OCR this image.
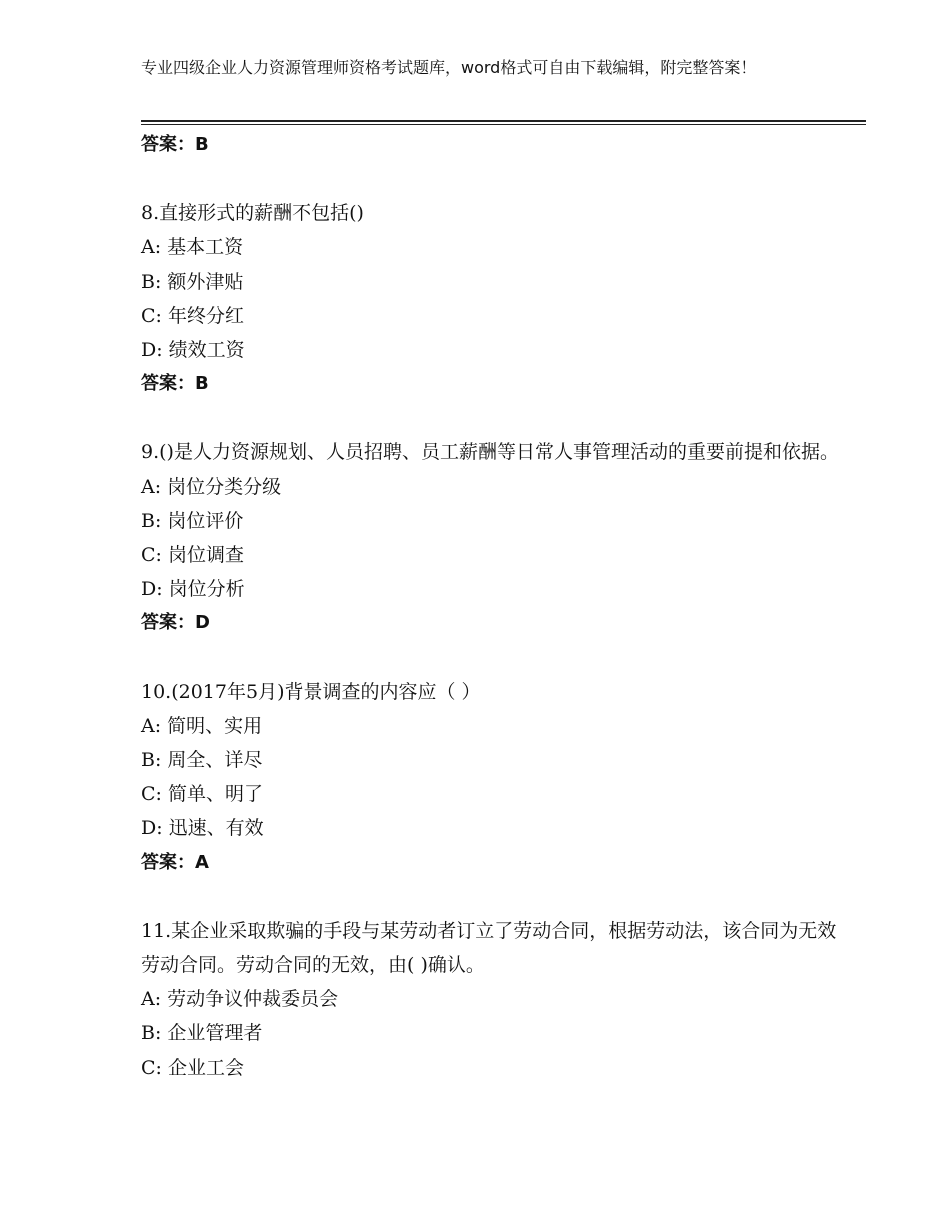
专业四级企业人力资源管理师资格考试题库，word格式可自由下载编辑，附完整答案！
答案：B
8.直接形式的薪酬不包括()
A: 基本工资
B: 额外津贴
C: 年终分红
D: 绩效工资
答案：B
9.()是人力资源规划、人员招聘、员工薪酬等日常人事管理活动的重要前提和依据。
A: 岗位分类分级
B: 岗位评价
C: 岗位调查
D: 岗位分析
答案：D
10.(2017年5月)背景调查的内容应（ ）
A: 简明、实用
B: 周全、详尽
C: 简单、明了
D: 迅速、有效
答案：A
11.某企业采取欺骗的手段与某劳动者订立了劳动合同，根据劳动法，该合同为无效劳动合同。劳动合同的无效，由( )确认。
A: 劳动争议仲裁委员会
B: 企业管理者
C: 企业工会
